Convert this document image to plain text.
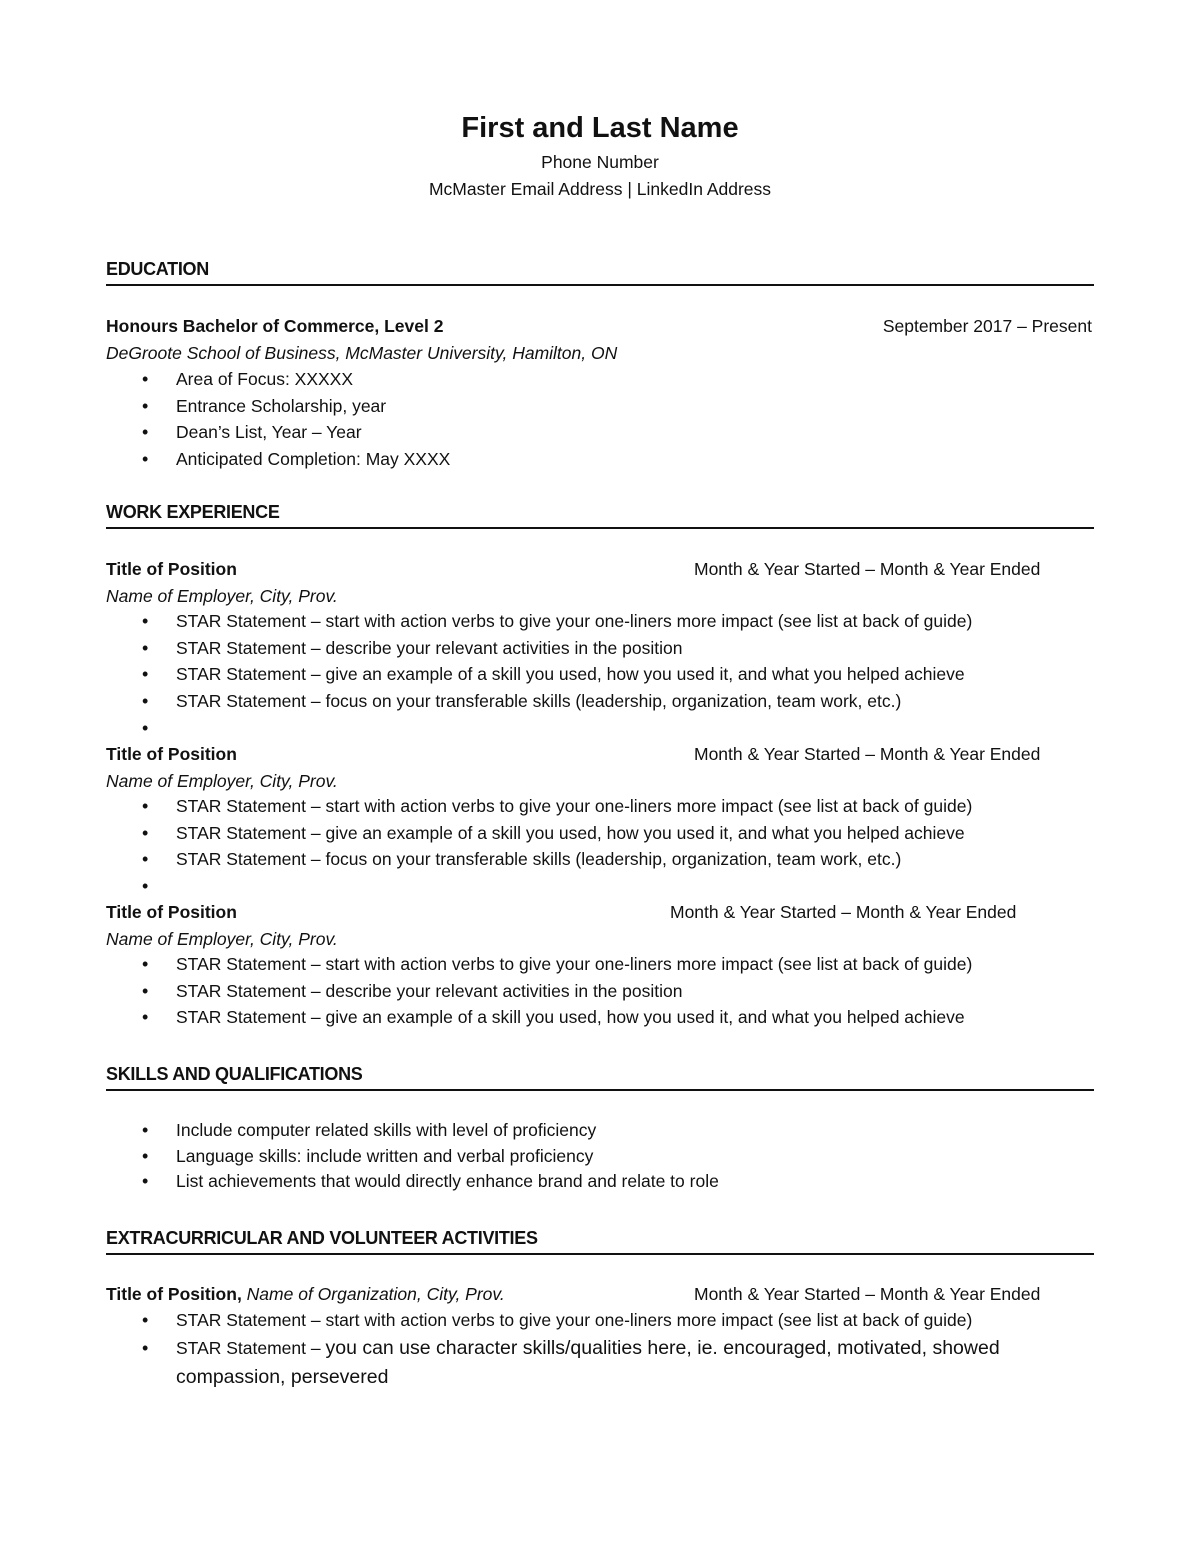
First and Last Name
Phone Number
McMaster Email Address | LinkedIn Address
EDUCATION
Honours Bachelor of Commerce, Level 2	September 2017 – Present
DeGroote School of Business, McMaster University, Hamilton, ON
• Area of Focus: XXXXX
• Entrance Scholarship, year
• Dean’s List, Year – Year
• Anticipated Completion: May XXXX
WORK EXPERIENCE
Title of Position	Month & Year Started – Month & Year Ended
Name of Employer, City, Prov.
• STAR Statement – start with action verbs to give your one-liners more impact (see list at back of guide)
• STAR Statement – describe your relevant activities in the position
• STAR Statement – give an example of a skill you used, how you used it, and what you helped achieve
• STAR Statement – focus on your transferable skills (leadership, organization, team work, etc.)
•
Title of Position	Month & Year Started – Month & Year Ended
Name of Employer, City, Prov.
• STAR Statement – start with action verbs to give your one-liners more impact (see list at back of guide)
• STAR Statement – give an example of a skill you used, how you used it, and what you helped achieve
• STAR Statement – focus on your transferable skills (leadership, organization, team work, etc.)
•
Title of Position	Month & Year Started – Month & Year Ended
Name of Employer, City, Prov.
• STAR Statement – start with action verbs to give your one-liners more impact (see list at back of guide)
• STAR Statement – describe your relevant activities in the position
• STAR Statement – give an example of a skill you used, how you used it, and what you helped achieve
SKILLS AND QUALIFICATIONS
• Include computer related skills with level of proficiency
• Language skills: include written and verbal proficiency
• List achievements that would directly enhance brand and relate to role
EXTRACURRICULAR AND VOLUNTEER ACTIVITIES
Title of Position, Name of Organization, City, Prov.	Month & Year Started – Month & Year Ended
• STAR Statement – start with action verbs to give your one-liners more impact (see list at back of guide)
• STAR Statement – you can use character skills/qualities here, ie. encouraged, motivated, showed compassion, persevered
